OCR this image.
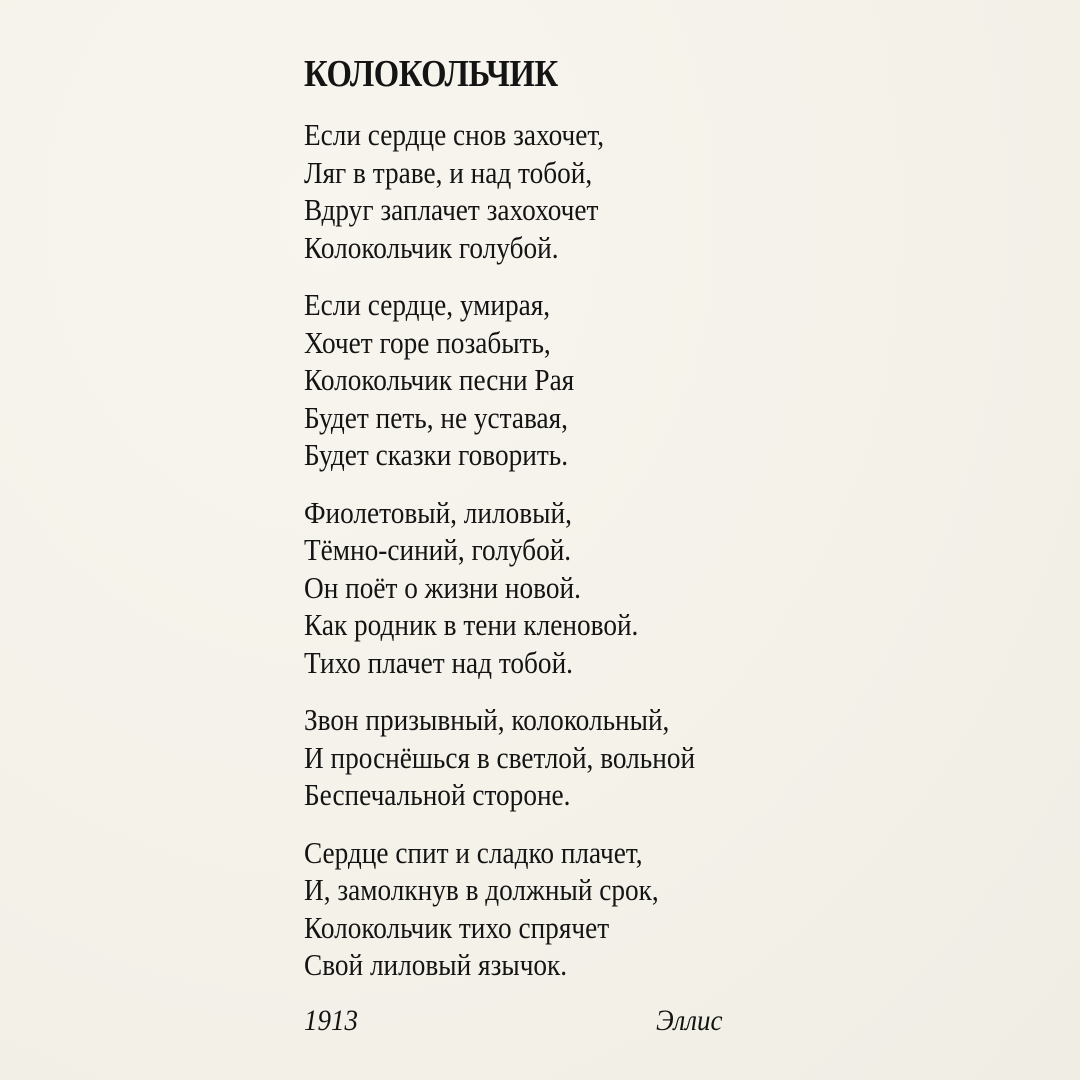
КОЛОКОЛЬЧИК
Если сердце снов захочет,
Ляг в траве, и над тобой,
Вдруг заплачет захохочет
Колокольчик голубой.
Если сердце, умирая,
Хочет горе позабыть,
Колокольчик песни Рая
Будет петь, не уставая,
Будет сказки говорить.
Фиолетовый, лиловый,
Тёмно-синий, голубой.
Он поёт о жизни новой.
Как родник в тени кленовой.
Тихо плачет над тобой.
Звон призывный, колокольный,
И проснёшься в светлой, вольной
Беспечальной стороне.
Сердце спит и сладко плачет,
И, замолкнув в должный срок,
Колокольчик тихо спрячет
Свой лиловый язычок.
1913	Эллис
